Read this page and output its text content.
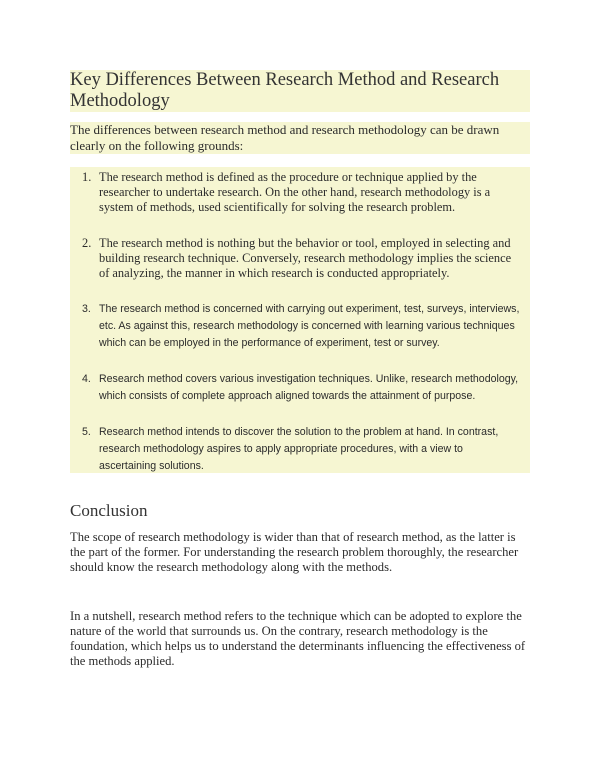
Key Differences Between Research Method and Research Methodology

The differences between research method and research methodology can be drawn clearly on the following grounds:

1. The research method is defined as the procedure or technique applied by the researcher to undertake research. On the other hand, research methodology is a system of methods, used scientifically for solving the research problem.
2. The research method is nothing but the behavior or tool, employed in selecting and building research technique. Conversely, research methodology implies the science of analyzing, the manner in which research is conducted appropriately.
3. The research method is concerned with carrying out experiment, test, surveys, interviews, etc. As against this, research methodology is concerned with learning various techniques which can be employed in the performance of experiment, test or survey.
4. Research method covers various investigation techniques. Unlike, research methodology, which consists of complete approach aligned towards the attainment of purpose.
5. Research method intends to discover the solution to the problem at hand. In contrast, research methodology aspires to apply appropriate procedures, with a view to ascertaining solutions.
Conclusion

The scope of research methodology is wider than that of research method, as the latter is the part of the former. For understanding the research problem thoroughly, the researcher should know the research methodology along with the methods.

In a nutshell, research method refers to the technique which can be adopted to explore the nature of the world that surrounds us. On the contrary, research methodology is the foundation, which helps us to understand the determinants influencing the effectiveness of the methods applied.
